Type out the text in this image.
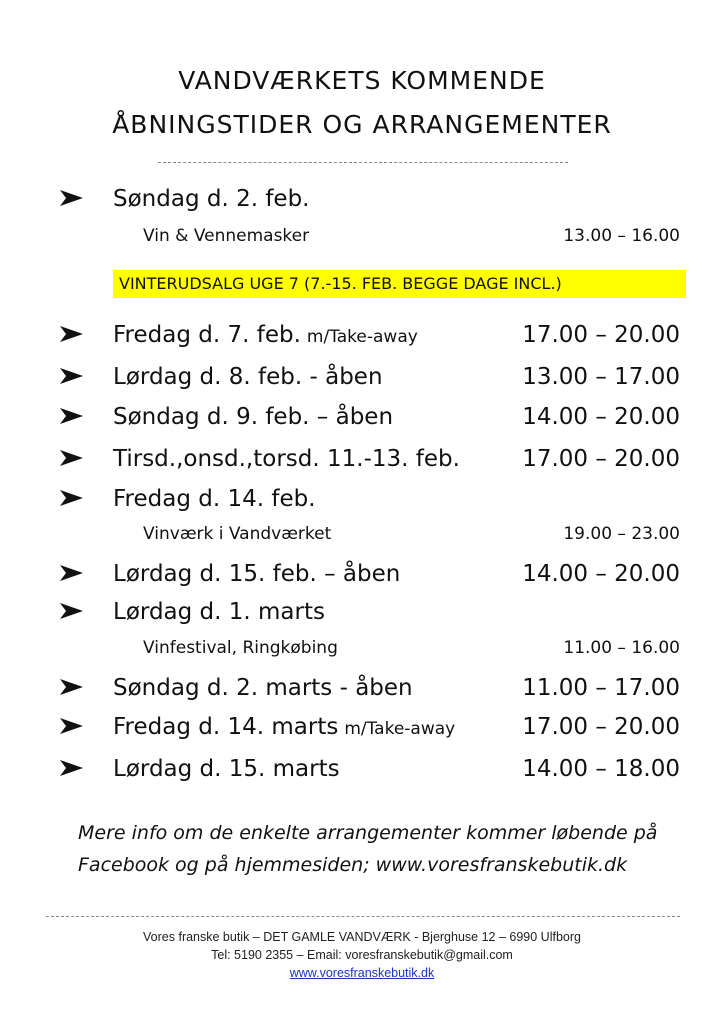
VANDVÆRKETS KOMMENDE
ÅBNINGSTIDER OG ARRANGEMENTER
Søndag d. 2. feb.
Vin & Vennemasker	13.00 – 16.00
VINTERUDSALG UGE 7 (7.-15. FEB. BEGGE DAGE INCL.)
Fredag d. 7. feb. m/Take-away	17.00 – 20.00
Lørdag d. 8. feb. - åben	13.00 – 17.00
Søndag d. 9. feb. – åben	14.00 – 20.00
Tirsd.,onsd.,torsd. 11.-13. feb.	17.00 – 20.00
Fredag d. 14. feb.
Vinværk i Vandværket	19.00 – 23.00
Lørdag d. 15. feb. – åben	14.00 – 20.00
Lørdag d. 1. marts
Vinfestival, Ringkøbing	11.00 – 16.00
Søndag d. 2. marts - åben	11.00 – 17.00
Fredag d. 14. marts m/Take-away	17.00 – 20.00
Lørdag d. 15. marts	14.00 – 18.00
Mere info om de enkelte arrangementer kommer løbende på
Facebook og på hjemmesiden; www.voresfranskebutik.dk
Vores franske butik – DET GAMLE VANDVÆRK - Bjerghuse 12 – 6990 Ulfborg
Tel: 5190 2355 – Email: voresfranskebutik@gmail.com
www.voresfranskebutik.dk
